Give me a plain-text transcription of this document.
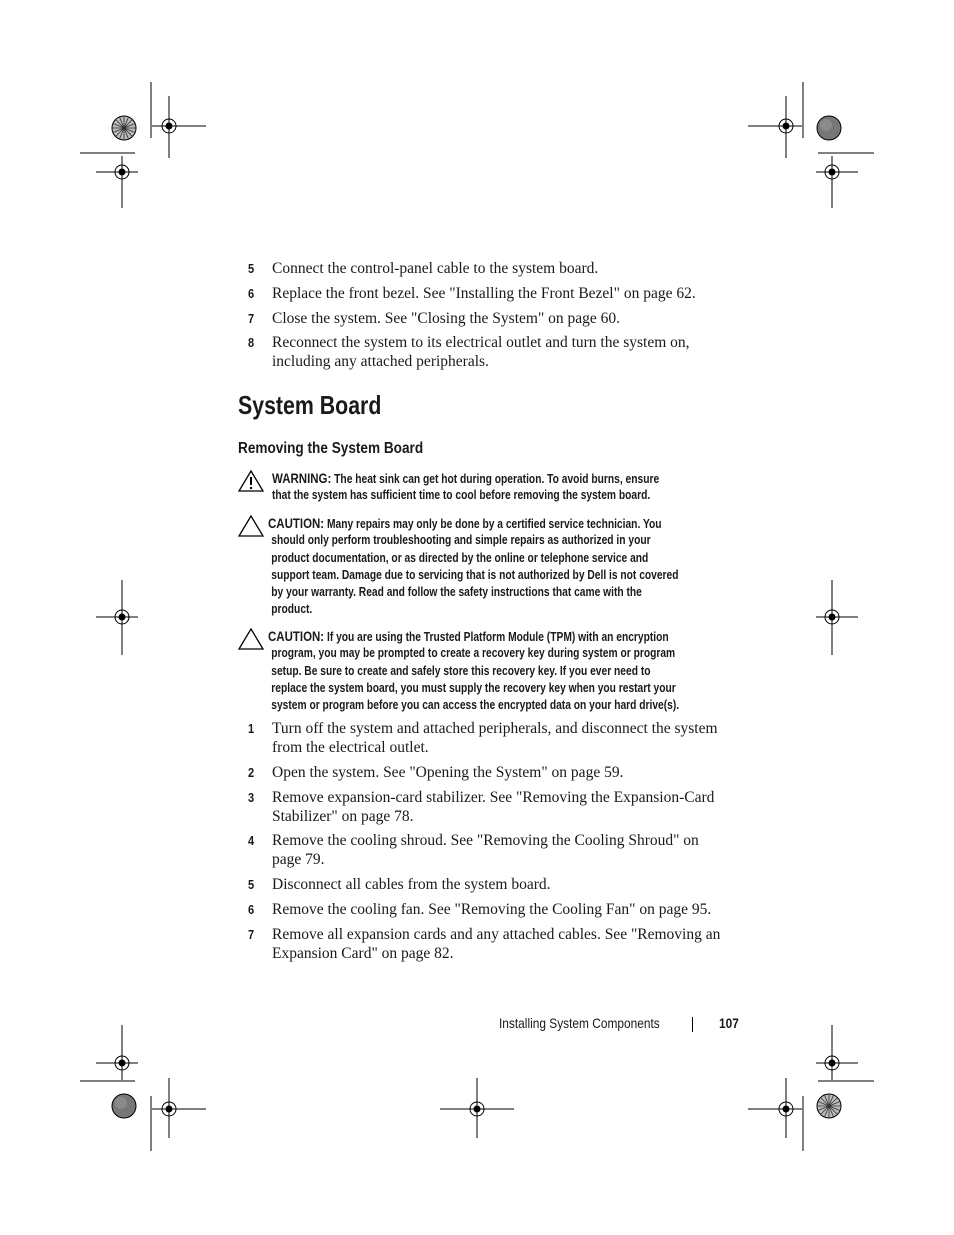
5 Connect the control-panel cable to the system board.
6 Replace the front bezel. See "Installing the Front Bezel" on page 62.
7 Close the system. See "Closing the System" on page 60.
8 Reconnect the system to its electrical outlet and turn the system on,
including any attached peripherals.
System Board
Removing the System Board
WARNING: The heat sink can get hot during operation. To avoid burns, ensure
that the system has sufficient time to cool before removing the system board.
CAUTION: Many repairs may only be done by a certified service technician. You
should only perform troubleshooting and simple repairs as authorized in your
product documentation, or as directed by the online or telephone service and
support team. Damage due to servicing that is not authorized by Dell is not covered
by your warranty. Read and follow the safety instructions that came with the
product.
CAUTION: If you are using the Trusted Platform Module (TPM) with an encryption
program, you may be prompted to create a recovery key during system or program
setup. Be sure to create and safely store this recovery key. If you ever need to
replace the system board, you must supply the recovery key when you restart your
system or program before you can access the encrypted data on your hard drive(s).
1 Turn off the system and attached peripherals, and disconnect the system
from the electrical outlet.
2 Open the system. See "Opening the System" on page 59.
3 Remove expansion-card stabilizer. See "Removing the Expansion-Card
Stabilizer" on page 78.
4 Remove the cooling shroud. See "Removing the Cooling Shroud" on
page 79.
5 Disconnect all cables from the system board.
6 Remove the cooling fan. See "Removing the Cooling Fan" on page 95.
7 Remove all expansion cards and any attached cables. See "Removing an
Expansion Card" on page 82.
Installing System Components	107
